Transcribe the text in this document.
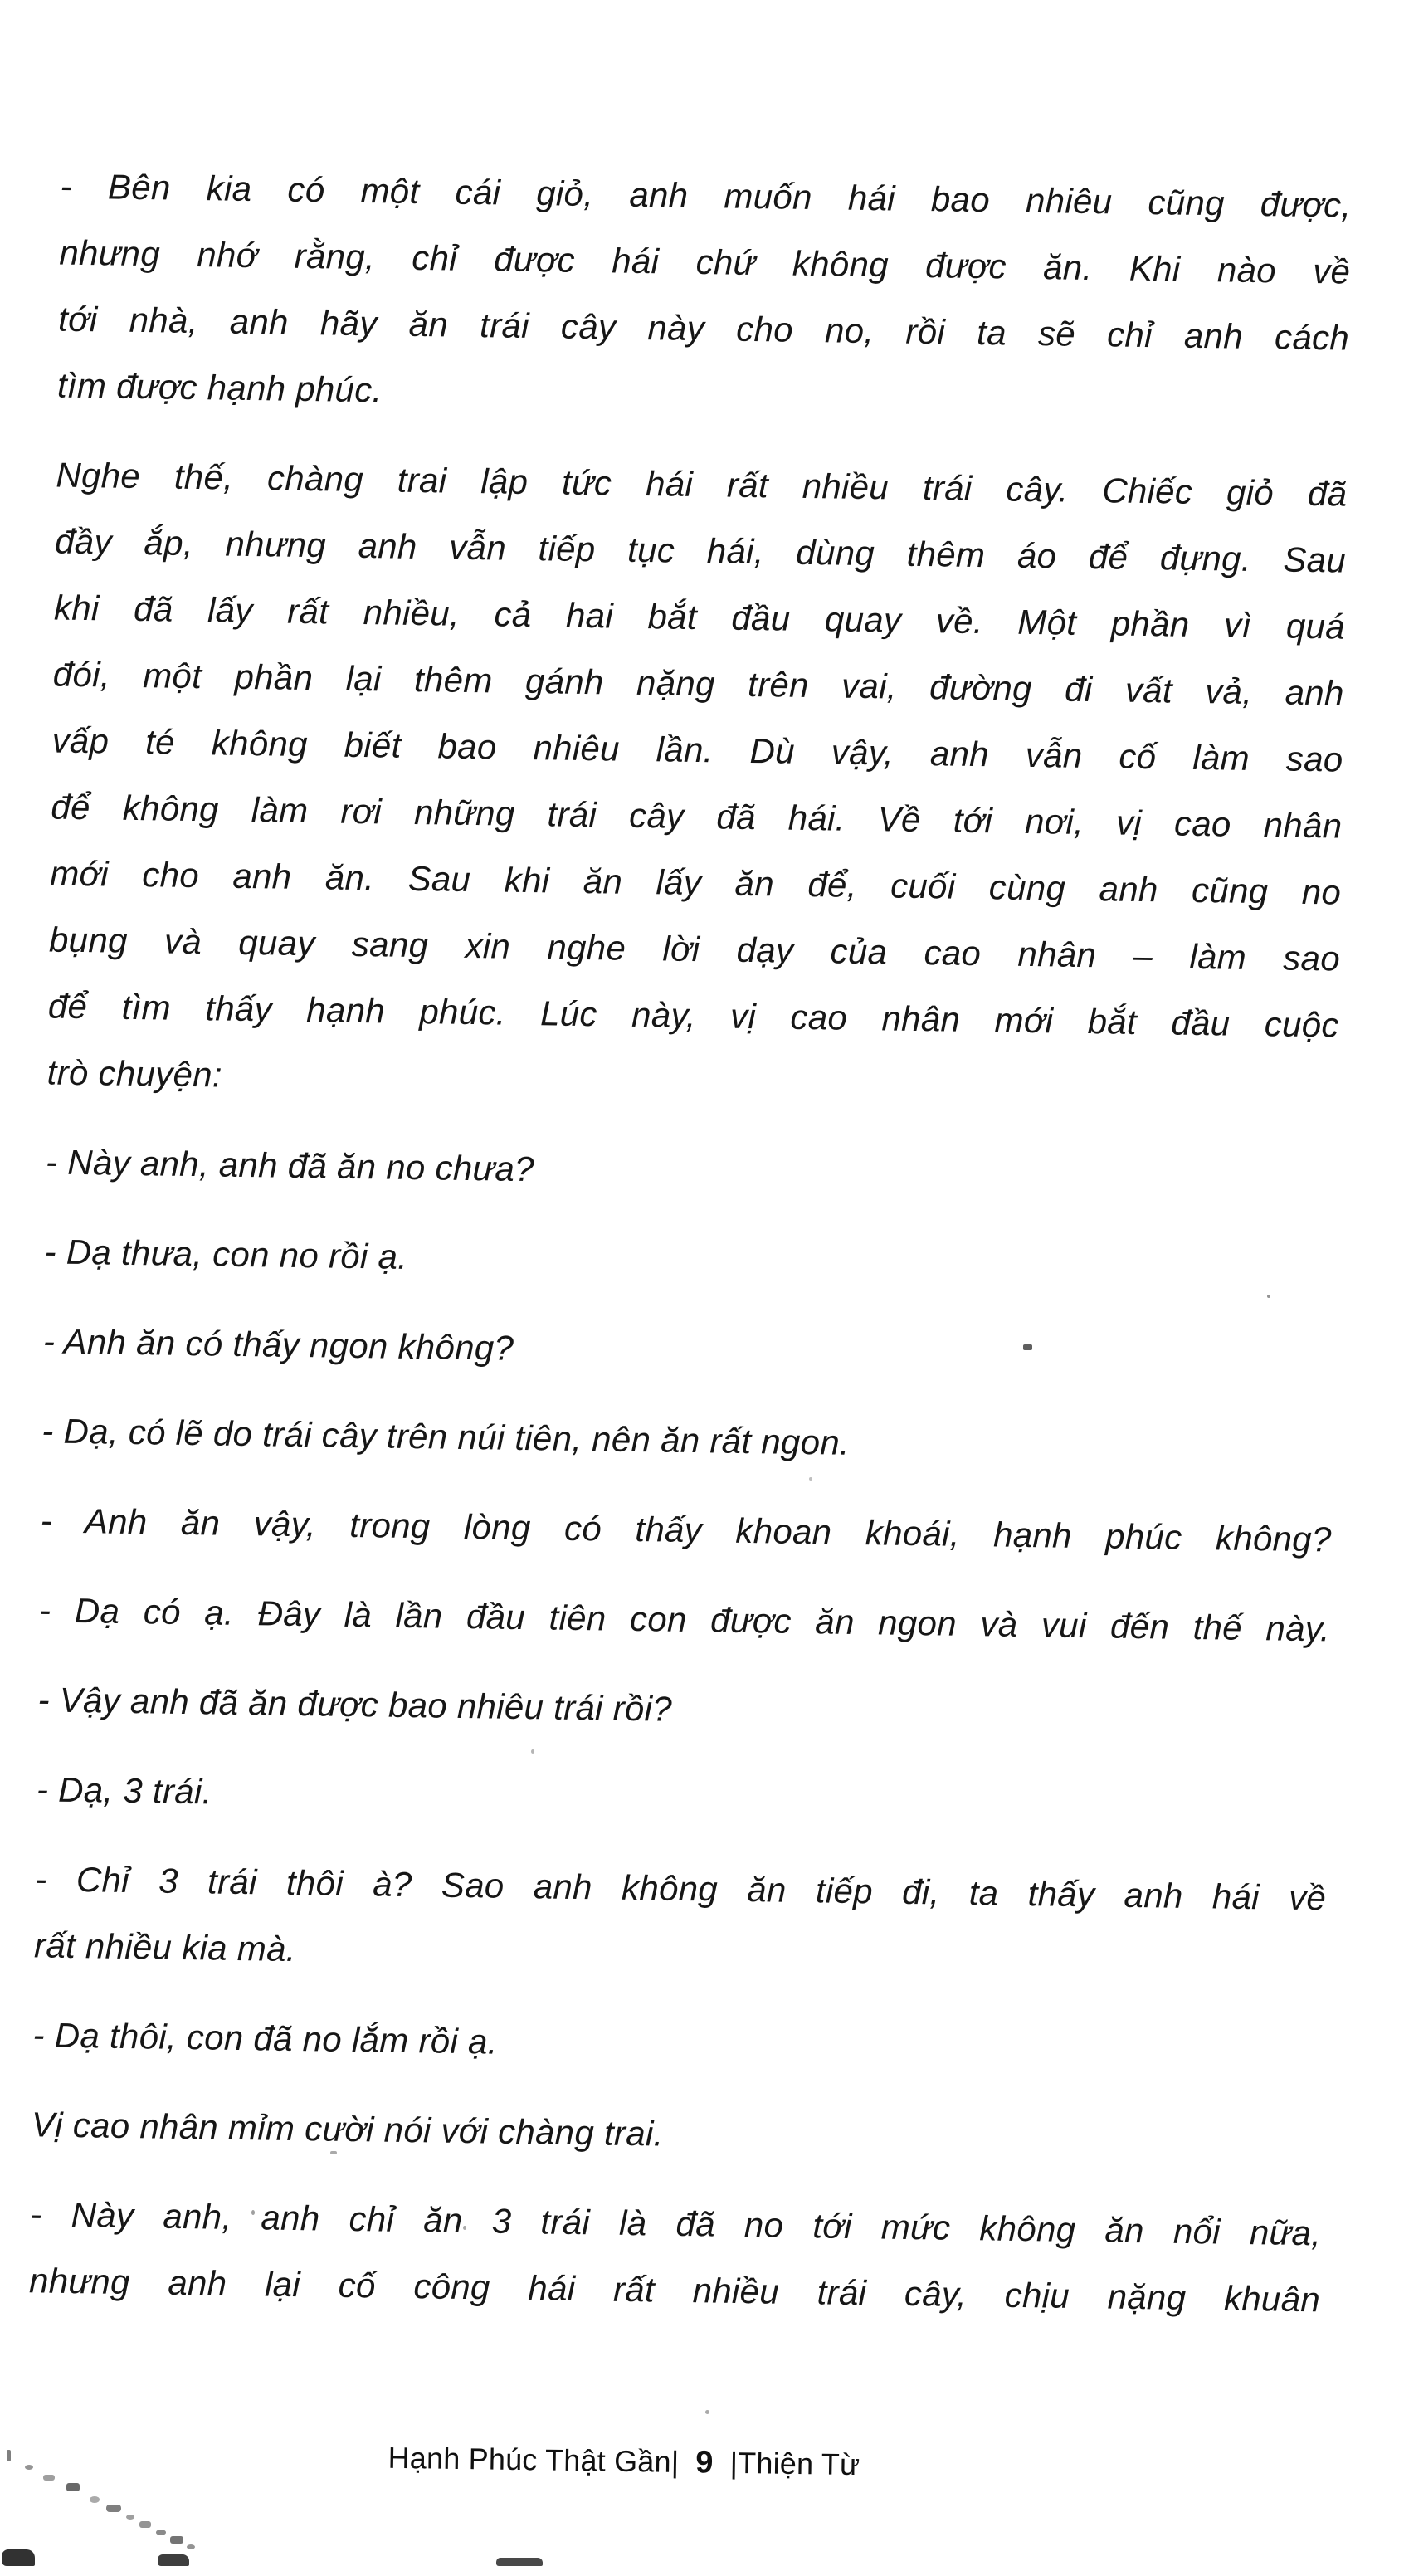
- Bên kia có một cái giỏ, anh muốn hái bao nhiêu cũng được,
nhưng nhớ rằng, chỉ được hái chứ không được ăn. Khi nào về
tới nhà, anh hãy ăn trái cây này cho no, rồi ta sẽ chỉ anh cách
tìm được hạnh phúc.

Nghe thế, chàng trai lập tức hái rất nhiều trái cây. Chiếc giỏ đã
đầy ắp, nhưng anh vẫn tiếp tục hái, dùng thêm áo để đựng. Sau
khi đã lấy rất nhiều, cả hai bắt đầu quay về. Một phần vì quá
đói, một phần lại thêm gánh nặng trên vai, đường đi vất vả, anh
vấp té không biết bao nhiêu lần. Dù vậy, anh vẫn cố làm sao
để không làm rơi những trái cây đã hái. Về tới nơi, vị cao nhân
mới cho anh ăn. Sau khi ăn lấy ăn để, cuối cùng anh cũng no
bụng và quay sang xin nghe lời dạy của cao nhân – làm sao
để tìm thấy hạnh phúc. Lúc này, vị cao nhân mới bắt đầu cuộc
trò chuyện:

- Này anh, anh đã ăn no chưa?

- Dạ thưa, con no rồi ạ.

- Anh ăn có thấy ngon không?

- Dạ, có lẽ do trái cây trên núi tiên, nên ăn rất ngon.

- Anh ăn vậy, trong lòng có thấy khoan khoái, hạnh phúc không?

- Dạ có ạ. Đây là lần đầu tiên con được ăn ngon và vui đến thế này.

- Vậy anh đã ăn được bao nhiêu trái rồi?

- Dạ, 3 trái.

- Chỉ 3 trái thôi à? Sao anh không ăn tiếp đi, ta thấy anh hái về
rất nhiều kia mà.

- Dạ thôi, con đã no lắm rồi ạ.

Vị cao nhân mỉm cười nói với chàng trai.

- Này anh, anh chỉ ăn 3 trái là đã no tới mức không ăn nổi nữa,
nhưng anh lại cố công hái rất nhiều trái cây, chịu nặng khuân

Hạnh Phúc Thật Gần| 9 |Thiện Từ
